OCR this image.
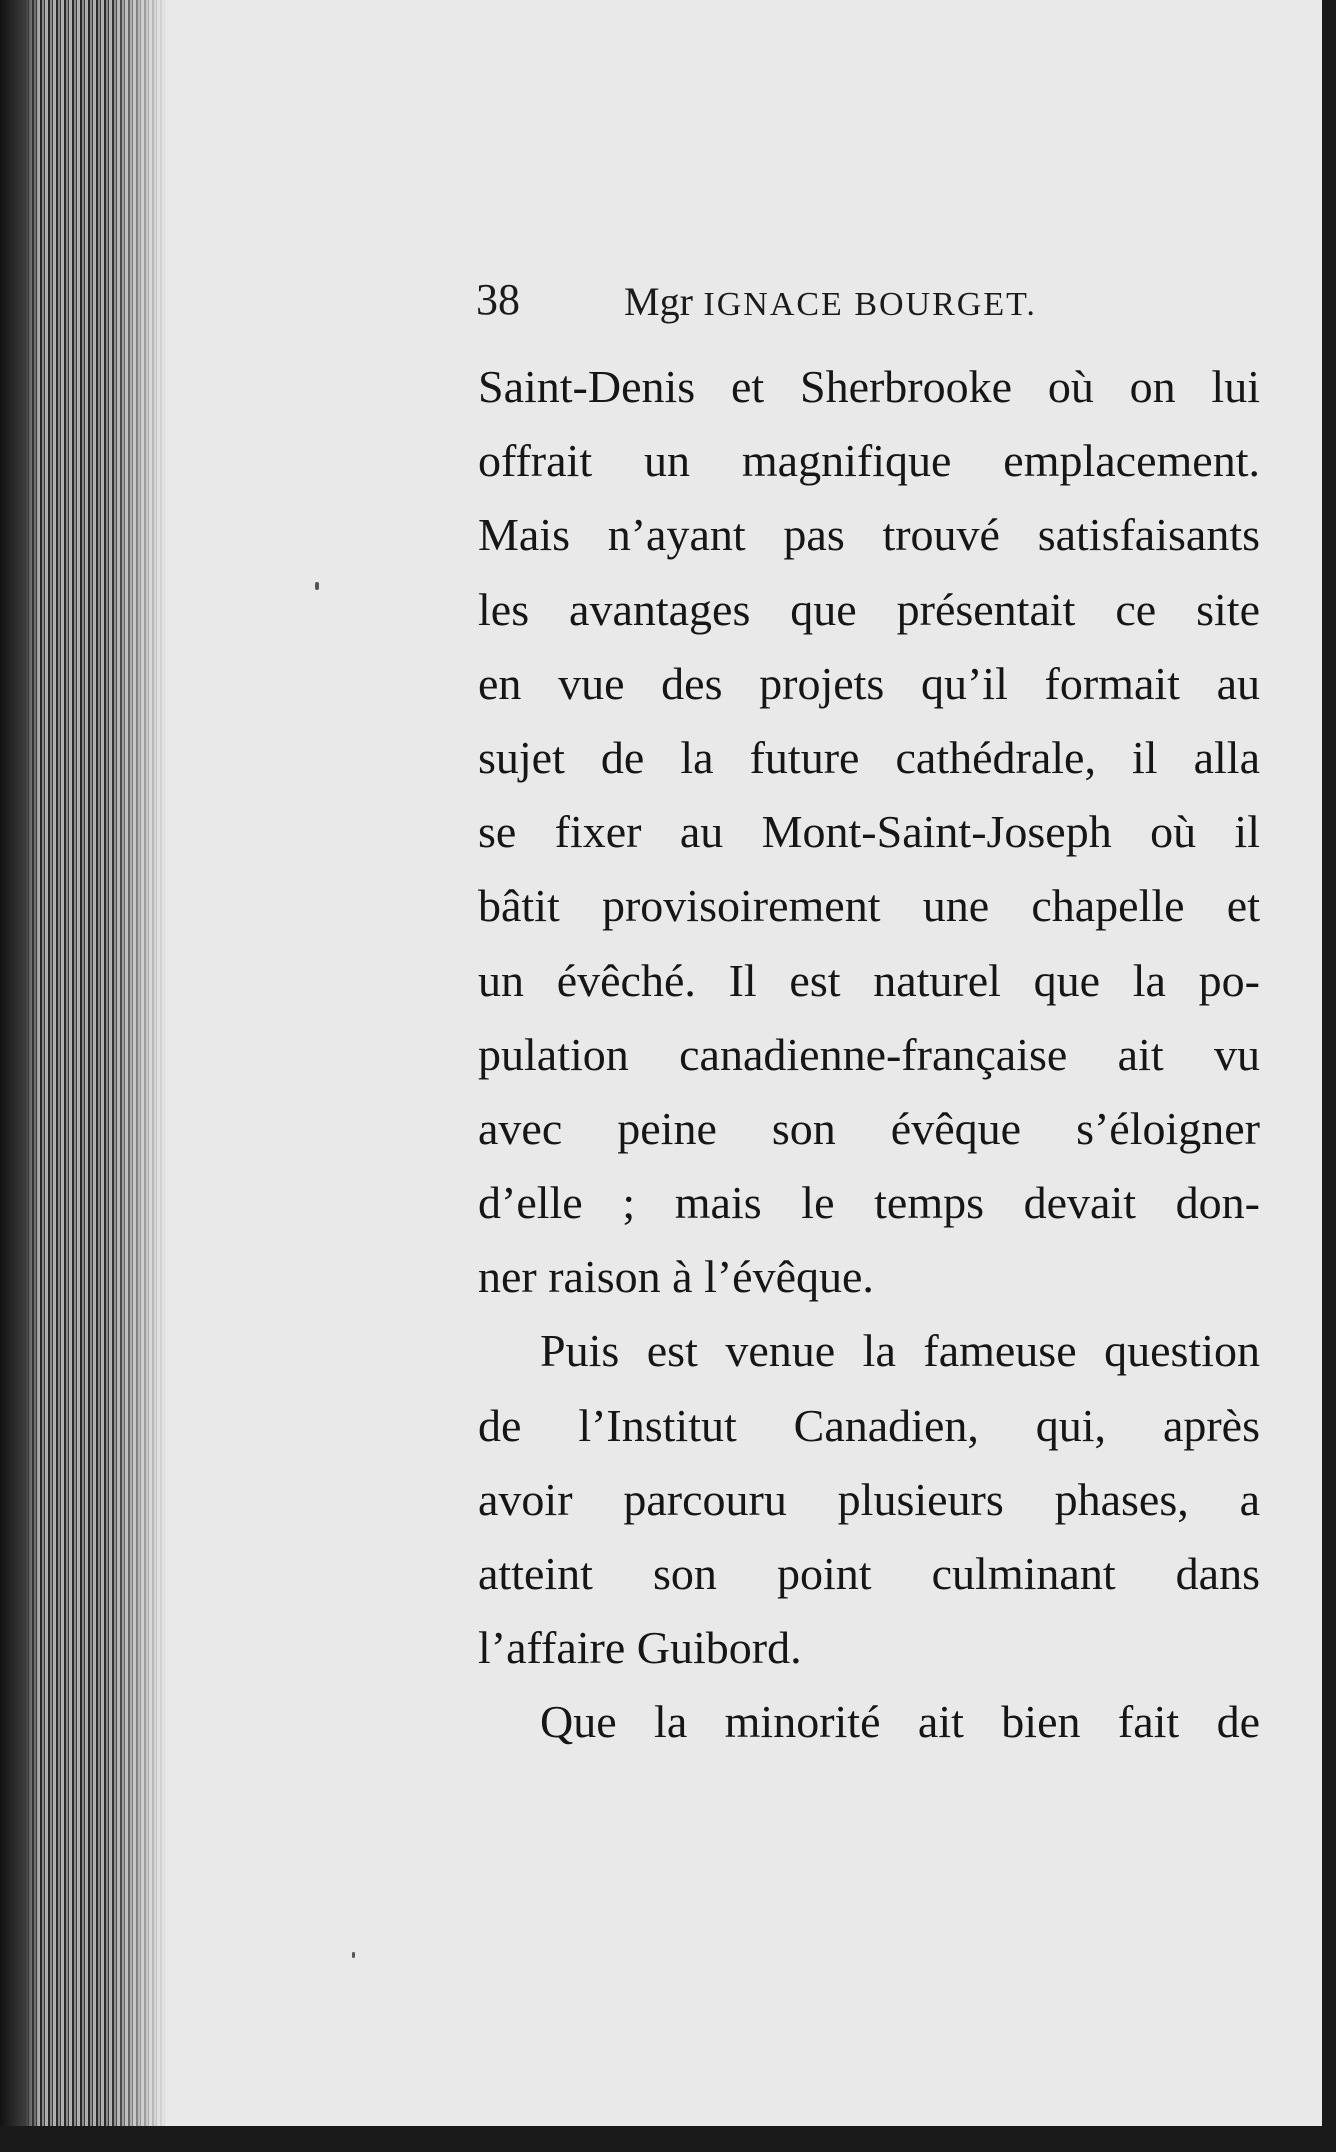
38	Mgr IGNACE BOURGET.
Saint-Denis et Sherbrooke où on lui
offrait un magnifique emplacement.
Mais n’ayant pas trouvé satisfaisants
les avantages que présentait ce site
en vue des projets qu’il formait au
sujet de la future cathédrale, il alla
se fixer au Mont-Saint-Joseph où il
bâtit provisoirement une chapelle et
un évêché. Il est naturel que la po-
pulation canadienne-française ait vu
avec peine son évêque s’éloigner
d’elle ; mais le temps devait don-
ner raison à l’évêque.
Puis est venue la fameuse question
de l’Institut Canadien, qui, après
avoir parcouru plusieurs phases, a
atteint son point culminant dans
l’affaire Guibord.
Que la minorité ait bien fait de
